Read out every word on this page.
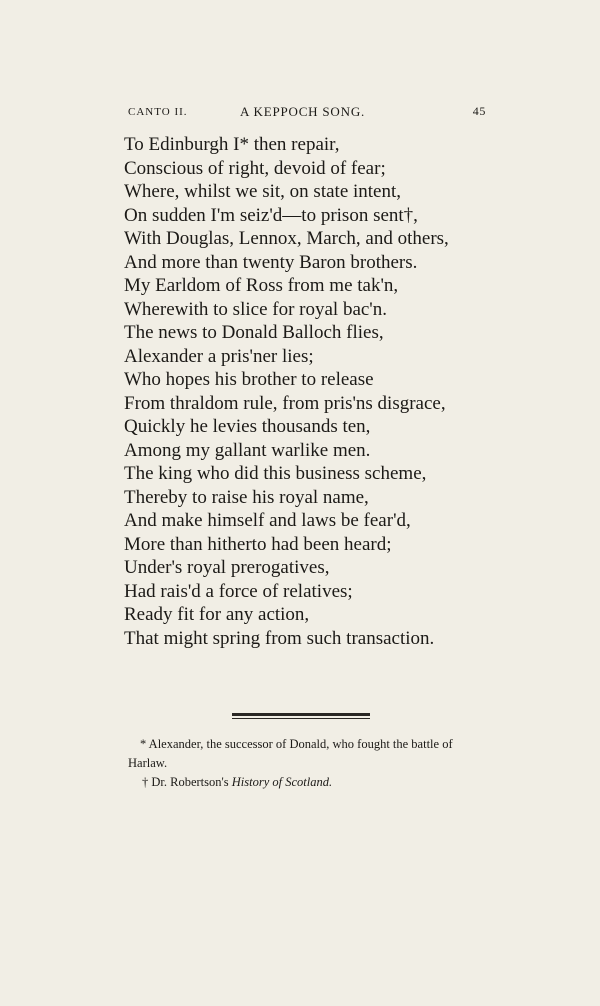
CANTO II.	A KEPPOCH SONG.	45
To Edinburgh I* then repair,
Conscious of right, devoid of fear;
Where, whilst we sit, on state intent,
On sudden I'm seiz'd—to prison sent†,
With Douglas, Lennox, March, and others,
And more than twenty Baron brothers.
My Earldom of Ross from me tak'n,
Wherewith to slice for royal bac'n.
The news to Donald Balloch flies,
Alexander a pris'ner lies;
Who hopes his brother to release
From thraldom rule, from pris'ns disgrace,
Quickly he levies thousands ten,
Among my gallant warlike men.
The king who did this business scheme,
Thereby to raise his royal name,
And make himself and laws be fear'd,
More than hitherto had been heard;
Under's royal prerogatives,
Had rais'd a force of relatives;
Ready fit for any action,
That might spring from such transaction.
* Alexander, the successor of Donald, who fought the battle of Harlaw.
† Dr. Robertson's History of Scotland.
